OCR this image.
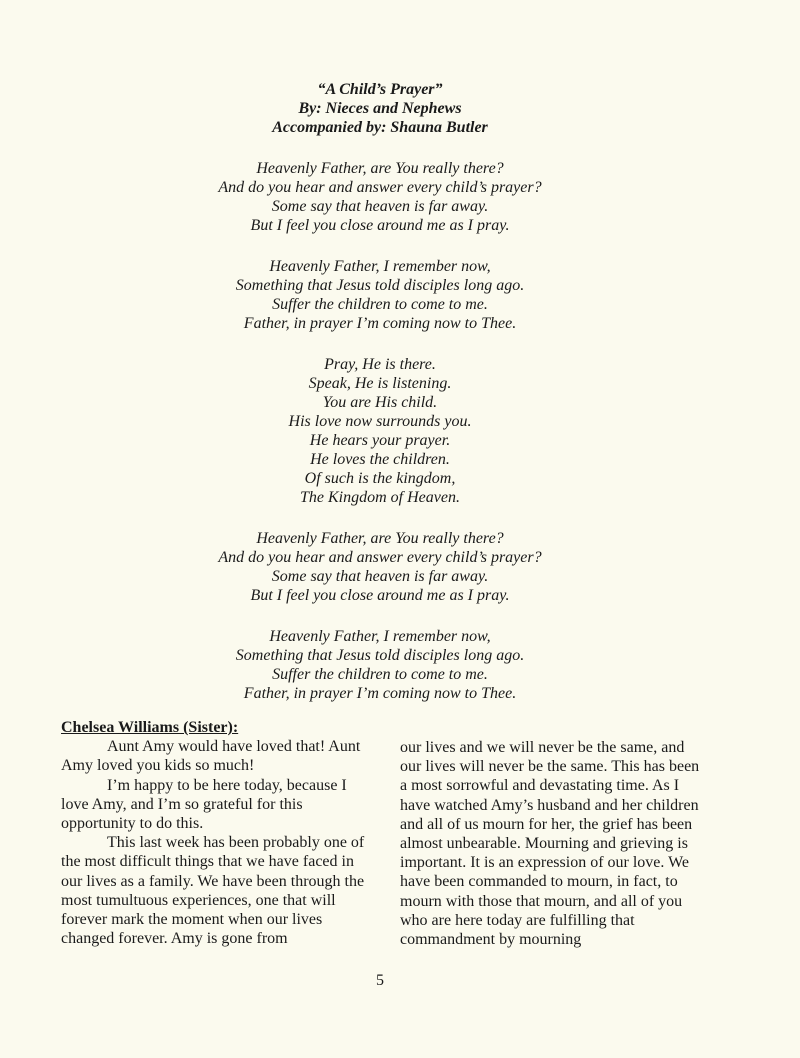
“A Child’s Prayer”
By: Nieces and Nephews
Accompanied by: Shauna Butler
Heavenly Father, are You really there?
And do you hear and answer every child’s prayer?
Some say that heaven is far away.
But I feel you close around me as I pray.
Heavenly Father, I remember now,
Something that Jesus told disciples long ago.
Suffer the children to come to me.
Father, in prayer I’m coming now to Thee.
Pray, He is there.
Speak, He is listening.
You are His child.
His love now surrounds you.
He hears your prayer.
He loves the children.
Of such is the kingdom,
The Kingdom of Heaven.
Heavenly Father, are You really there?
And do you hear and answer every child’s prayer?
Some say that heaven is far away.
But I feel you close around me as I pray.
Heavenly Father, I remember now,
Something that Jesus told disciples long ago.
Suffer the children to come to me.
Father, in prayer I’m coming now to Thee.
Chelsea Williams (Sister):

Aunt Amy would have loved that! Aunt Amy loved you kids so much!

I’m happy to be here today, because I love Amy, and I’m so grateful for this opportunity to do this.

This last week has been probably one of the most difficult things that we have faced in our lives as a family. We have been through the most tumultuous experiences, one that will forever mark the moment when our lives changed forever. Amy is gone from

our lives and we will never be the same, and our lives will never be the same. This has been a most sorrowful and devastating time. As I have watched Amy’s husband and her children and all of us mourn for her, the grief has been almost unbearable. Mourning and grieving is important. It is an expression of our love. We have been commanded to mourn, in fact, to mourn with those that mourn, and all of you who are here today are fulfilling that commandment by mourning

5
